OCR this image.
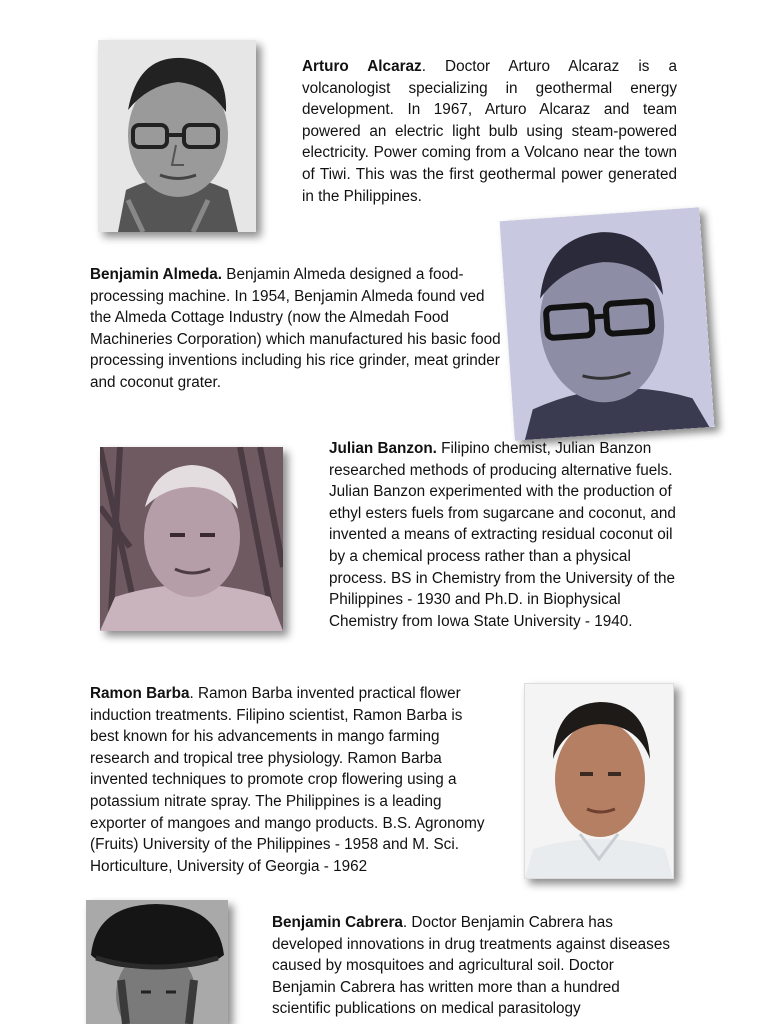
Arturo Alcaraz. Doctor Arturo Alcaraz is a volcanologist specializing in geothermal energy development. In 1967, Arturo Alcaraz and team powered an electric light bulb using steam-powered electricity. Power coming from a Volcano near the town of Tiwi. This was the first geothermal power generated in the Philippines.

Benjamin Almeda. Benjamin Almeda designed a food-processing machine. In 1954, Benjamin Almeda found ved the Almeda Cottage Industry (now the Almedah Food Machineries Corporation) which manufactured his basic food processing inventions including his rice grinder, meat grinder and coconut grater.

Julian Banzon. Filipino chemist, Julian Banzon researched methods of producing alternative fuels. Julian Banzon experimented with the production of ethyl esters fuels from sugarcane and coconut, and invented a means of extracting residual coconut oil by a chemical process rather than a physical process. BS in Chemistry from the University of the Philippines - 1930 and Ph.D. in Biophysical Chemistry from Iowa State University - 1940.

Ramon Barba. Ramon Barba invented practical flower induction treatments. Filipino scientist, Ramon Barba is best known for his advancements in mango farming research and tropical tree physiology. Ramon Barba invented techniques to promote crop flowering using a potassium nitrate spray. The Philippines is a leading exporter of mangoes and mango products. B.S. Agronomy (Fruits) University of the Philippines - 1958 and M. Sci. Horticulture, University of Georgia - 1962

Benjamin Cabrera. Doctor Benjamin Cabrera has developed innovations in drug treatments against diseases caused by mosquitoes and agricultural soil. Doctor Benjamin Cabrera has written more than a hundred scientific publications on medical parasitology
